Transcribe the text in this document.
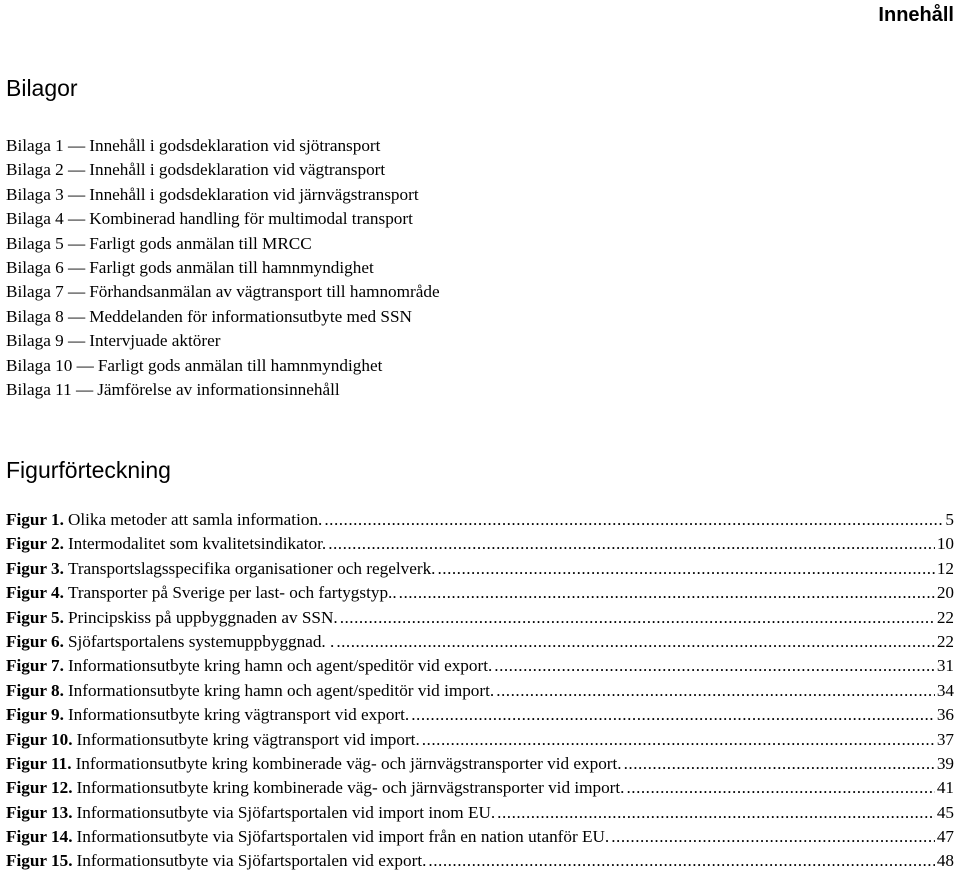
Innehåll
Bilagor
Bilaga 1 — Innehåll i godsdeklaration vid sjötransport
Bilaga 2 — Innehåll i godsdeklaration vid vägtransport
Bilaga 3 — Innehåll i godsdeklaration vid järnvägstransport
Bilaga 4 — Kombinerad handling för multimodal transport
Bilaga 5 — Farligt gods anmälan till MRCC
Bilaga 6 — Farligt gods anmälan till hamnmyndighet
Bilaga 7 — Förhandsanmälan av vägtransport till hamnområde
Bilaga 8 — Meddelanden för informationsutbyte med SSN
Bilaga 9 — Intervjuade aktörer
Bilaga 10 — Farligt gods anmälan till hamnmyndighet
Bilaga 11 — Jämförelse av informationsinnehåll
Figurförteckning
Figur 1. Olika metoder att samla information. .....	5
Figur 2. Intermodalitet som kvalitetsindikator. .....	10
Figur 3. Transportslagsspecifika organisationer och regelverk. .....	12
Figur 4. Transporter på Sverige per last- och fartygstyp.. .....	20
Figur 5. Principskiss på uppbyggnaden av SSN. .....	22
Figur 6. Sjöfartsportalens systemuppbyggnad. . .....	22
Figur 7. Informationsutbyte kring hamn och agent/speditör vid export. .....	31
Figur 8. Informationsutbyte kring hamn och agent/speditör vid import. .....	34
Figur 9. Informationsutbyte kring vägtransport vid export. .....	36
Figur 10. Informationsutbyte kring vägtransport vid import. .....	37
Figur 11. Informationsutbyte kring kombinerade väg- och järnvägstransporter vid export. .....	39
Figur 12. Informationsutbyte kring kombinerade väg- och järnvägstransporter vid import. .....	41
Figur 13. Informationsutbyte via Sjöfartsportalen vid import inom EU. .....	45
Figur 14. Informationsutbyte via Sjöfartsportalen vid import från en nation utanför EU. .....	47
Figur 15. Informationsutbyte via Sjöfartsportalen vid export. .....	48
